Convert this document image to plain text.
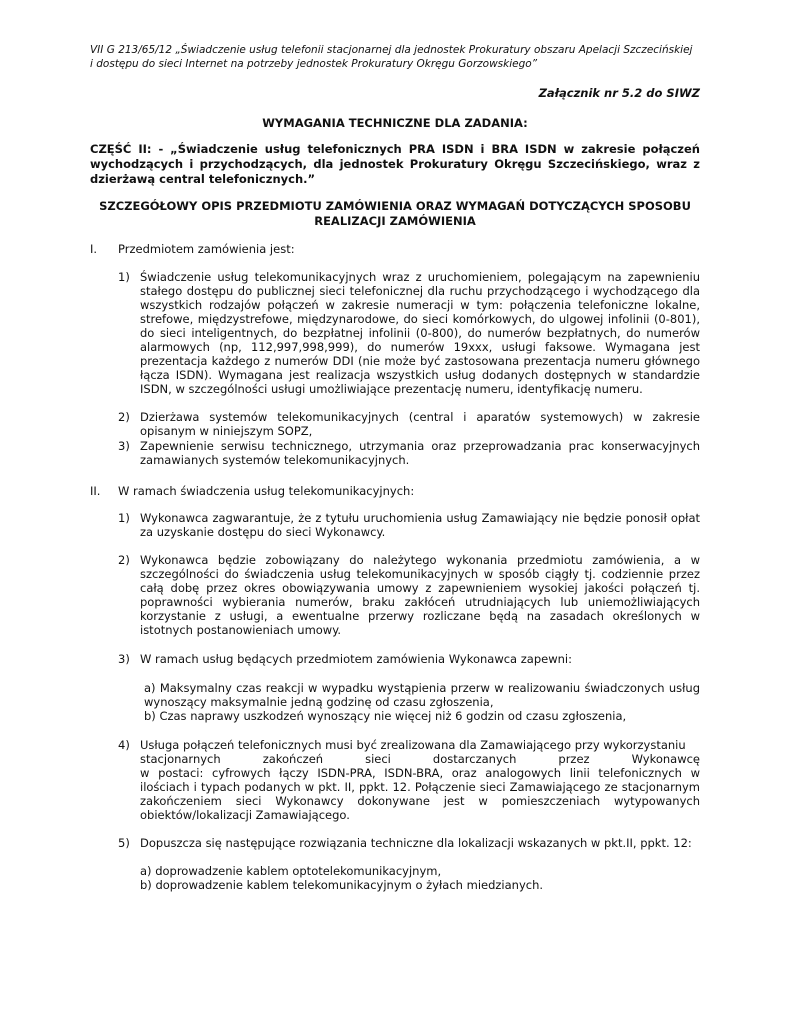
VII G 213/65/12 „Świadczenie usług telefonii stacjonarnej dla jednostek Prokuratury obszaru Apelacji Szczecińskiej
i dostępu do sieci Internet na potrzeby jednostek Prokuratury Okręgu Gorzowskiego”
Załącznik nr 5.2 do SIWZ
WYMAGANIA TECHNICZNE DLA ZADANIA:
CZĘŚĆ II: - „Świadczenie usług telefonicznych PRA ISDN i BRA ISDN w zakresie połączeń wychodzących i przychodzących, dla jednostek Prokuratury Okręgu Szczecińskiego, wraz z dzierżawą central telefonicznych.”
SZCZEGÓŁOWY OPIS PRZEDMIOTU ZAMÓWIENIA ORAZ WYMAGAŃ DOTYCZĄCYCH SPOSOBU
REALIZACJI ZAMÓWIENIA
I. Przedmiotem zamówienia jest:
1) Świadczenie usług telekomunikacyjnych wraz z uruchomieniem, polegającym na zapewnieniu stałego dostępu do publicznej sieci telefonicznej dla ruchu przychodzącego i wychodzącego dla wszystkich rodzajów połączeń w zakresie numeracji w tym: połączenia telefoniczne lokalne, strefowe, międzystrefowe, międzynarodowe, do sieci komórkowych, do ulgowej infolinii (0-801), do sieci inteligentnych, do bezpłatnej infolinii (0-800), do numerów bezpłatnych, do numerów alarmowych (np, 112,997,998,999), do numerów 19xxx, usługi faksowe. Wymagana jest prezentacja każdego z numerów DDI (nie może być zastosowana prezentacja numeru głównego łącza ISDN). Wymagana jest realizacja wszystkich usług dodanych dostępnych w standardzie ISDN, w szczególności usługi umożliwiające prezentację numeru, identyfikację numeru.
2) Dzierżawa systemów telekomunikacyjnych (central i aparatów systemowych) w zakresie opisanym w niniejszym SOPZ,
3) Zapewnienie serwisu technicznego, utrzymania oraz przeprowadzania prac konserwacyjnych zamawianych systemów telekomunikacyjnych.
II. W ramach świadczenia usług telekomunikacyjnych:
1) Wykonawca zagwarantuje, że z tytułu uruchomienia usług Zamawiający nie będzie ponosił opłat za uzyskanie dostępu do sieci Wykonawcy.
2) Wykonawca będzie zobowiązany do należytego wykonania przedmiotu zamówienia, a w szczególności do świadczenia usług telekomunikacyjnych w sposób ciągły tj. codziennie przez całą dobę przez okres obowiązywania umowy z zapewnieniem wysokiej jakości połączeń tj. poprawności wybierania numerów, braku zakłóceń utrudniających lub uniemożliwiających korzystanie z usługi, a ewentualne przerwy rozliczane będą na zasadach określonych w istotnych postanowieniach umowy.
3) W ramach usług będących przedmiotem zamówienia Wykonawca zapewni:
a) Maksymalny czas reakcji w wypadku wystąpienia przerw w realizowaniu świadczonych usług wynoszący maksymalnie jedną godzinę od czasu zgłoszenia,
b) Czas naprawy uszkodzeń wynoszący nie więcej niż 6 godzin od czasu zgłoszenia,
4) Usługa połączeń telefonicznych musi być zrealizowana dla Zamawiającego przy wykorzystaniu
stacjonarnych	zakończeń	sieci	dostarczanych	przez	Wykonawcę
w postaci: cyfrowych łączy ISDN-PRA, ISDN-BRA, oraz analogowych linii telefonicznych w ilościach i typach podanych w pkt. II, ppkt. 12. Połączenie sieci Zamawiającego ze stacjonarnym zakończeniem sieci Wykonawcy dokonywane jest w pomieszczeniach wytypowanych obiektów/lokalizacji Zamawiającego.
5) Dopuszcza się następujące rozwiązania techniczne dla lokalizacji wskazanych w pkt.II, ppkt. 12:
a) doprowadzenie kablem optotelekomunikacyjnym,
b) doprowadzenie kablem telekomunikacyjnym o żyłach miedzianych.
